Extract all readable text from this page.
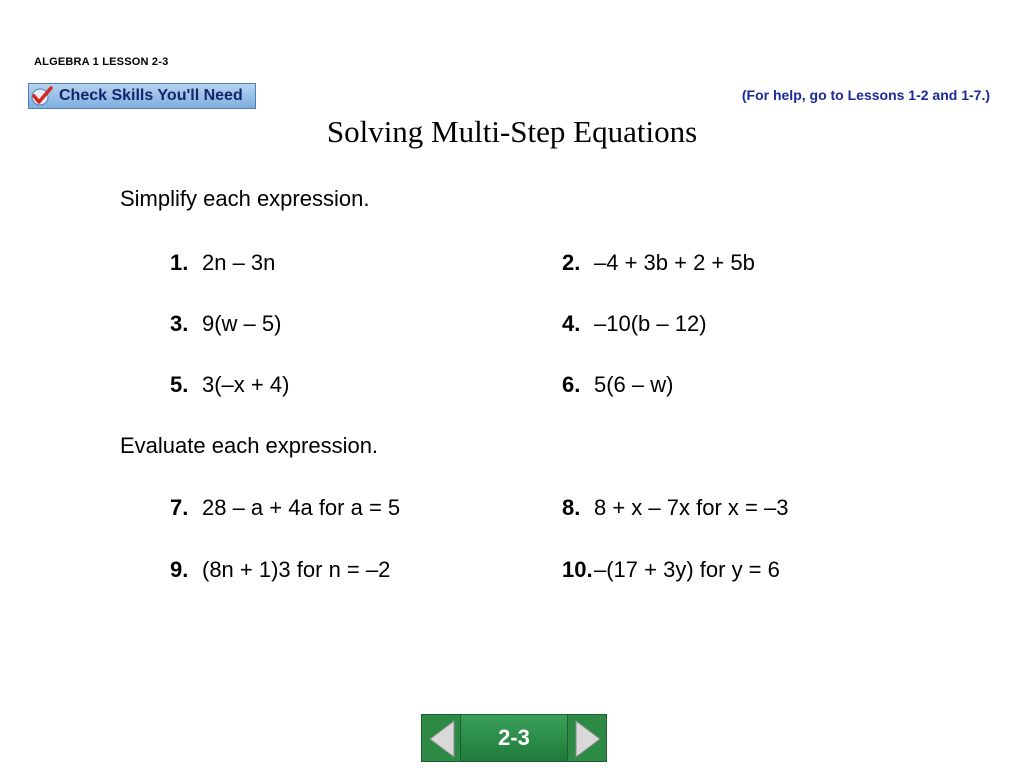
ALGEBRA 1 LESSON 2-3
Check Skills You'll Need	(For help, go to Lessons 1-2 and 1-7.)
Solving Multi-Step Equations
Simplify each expression.
1. 2n – 3n	2. –4 + 3b + 2 + 5b
3. 9(w – 5)	4. –10(b – 12)
5. 3(–x + 4)	6. 5(6 – w)
Evaluate each expression.
7. 28 – a + 4a for a = 5	8. 8 + x – 7x for x = –3
9. (8n + 1)3 for n = –2	10.–(17 + 3y) for y = 6
2-3
